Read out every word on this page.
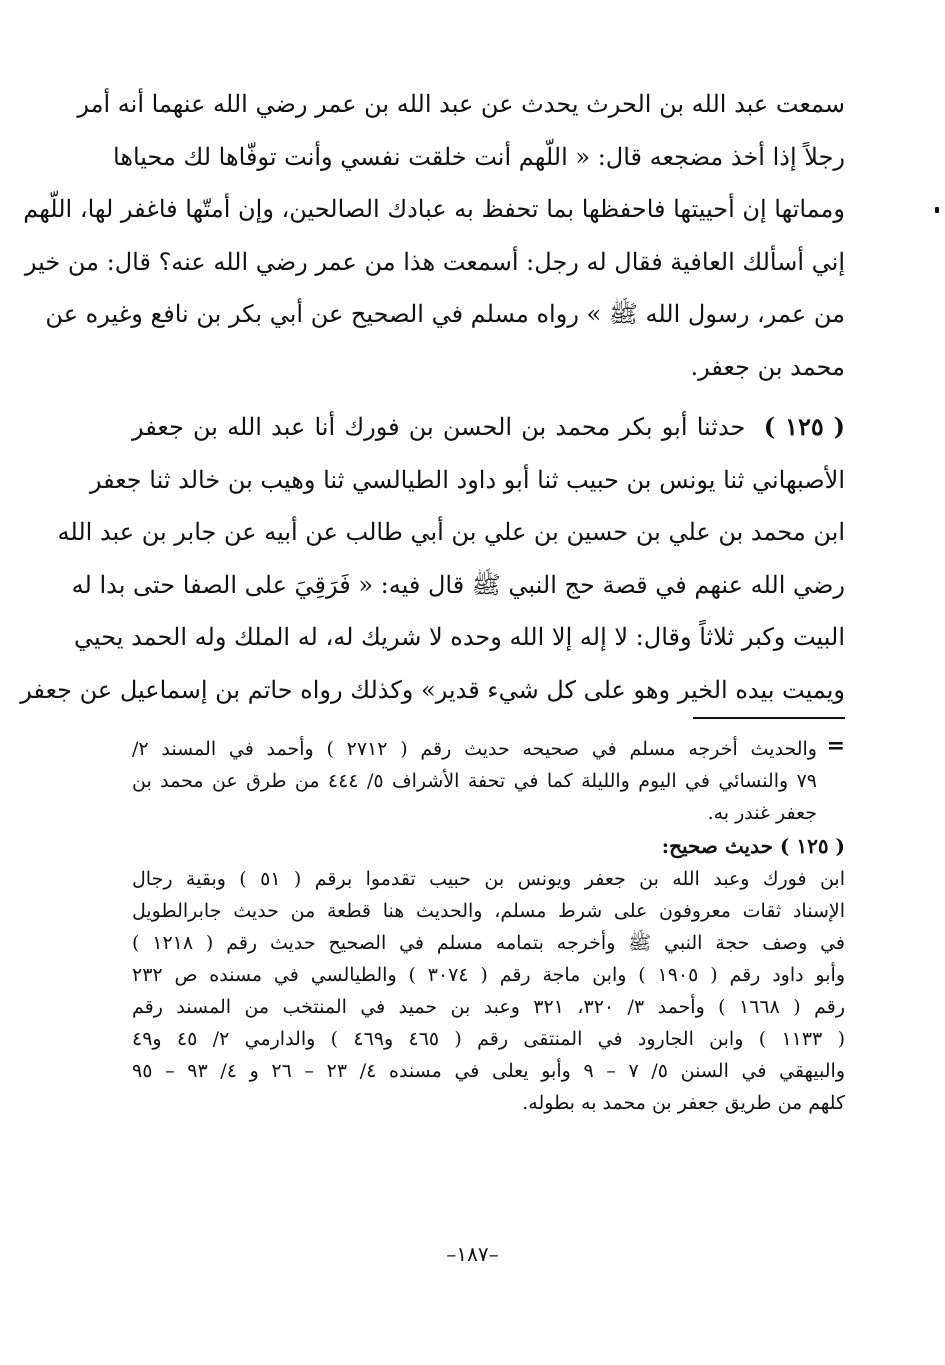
سمعت عبد الله بن الحرث يحدث عن عبد الله بن عمر رضي الله عنهما أنه أمر
رجلاً إذا أخذ مضجعه قال: « اللّهم أنت خلقت نفسي وأنت توفّاها لك محياها
ومماتها إن أحييتها فاحفظها بما تحفظ به عبادك الصالحين، وإن أمتّها فاغفر لها، اللّهم
إني أسألك العافية فقال له رجل: أسمعت هذا من عمر رضي الله عنه؟ قال: من خير
من عمر، رسول الله ﷺ » رواه مسلم في الصحيح عن أبي بكر بن نافع وغيره عن
محمد بن جعفر.
( ١٢٥ )  حدثنا أبو بكر محمد بن الحسن بن فورك أنا عبد الله بن جعفر
الأصبهاني ثنا يونس بن حبيب ثنا أبو داود الطيالسي ثنا وهيب بن خالد ثنا جعفر
ابن محمد بن علي بن حسين بن علي بن أبي طالب عن أبيه عن جابر بن عبد الله
رضي الله عنهم في قصة حج النبي ﷺ قال فيه: « فَرَقِيَ على الصفا حتى بدا له
البيت وكبر ثلاثاً وقال: لا إله إلا الله وحده لا شريك له، له الملك وله الحمد يحيي
ويميت بيده الخير وهو على كل شيء قدير» وكذلك رواه حاتم بن إسماعيل عن جعفر
=
والحديث أخرجه مسلم في صحيحه حديث رقم ( ٢٧١٢ ) وأحمد في المسند ٢/
٧٩ والنسائي في اليوم والليلة كما في تحفة الأشراف ٥/ ٤٤٤ من طرق عن محمد بن
جعفر غندر به.
( ١٢٥ ) حديث صحيح:
ابن فورك وعبد الله بن جعفر ويونس بن حبيب تقدموا برقم ( ٥١ ) وبقية رجال
الإسناد ثقات معروفون على شرط مسلم، والحديث هنا قطعة من حديث جابرالطويل
في وصف حجة النبي ﷺ وأخرجه بتمامه مسلم في الصحيح حديث رقم ( ١٢١٨ )
وأبو داود رقم ( ١٩٠٥ ) وابن ماجة رقم ( ٣٠٧٤ ) والطيالسي في مسنده ص ٢٣٢
رقم ( ١٦٦٨ ) وأحمد ٣/ ٣٢٠، ٣٢١ وعبد بن حميد في المنتخب من المسند رقم
( ١١٣٣ ) وابن الجارود في المنتقى رقم ( ٤٦٥ و٤٦٩ ) والدارمي ٢/ ٤٥ و٤٩
والبيهقي في السنن ٥/ ٧ – ٩ وأبو يعلى في مسنده ٤/ ٢٣ – ٢٦ و ٤/ ٩٣ – ٩٥
كلهم من طريق جعفر بن محمد به بطوله.
–١٨٧–
